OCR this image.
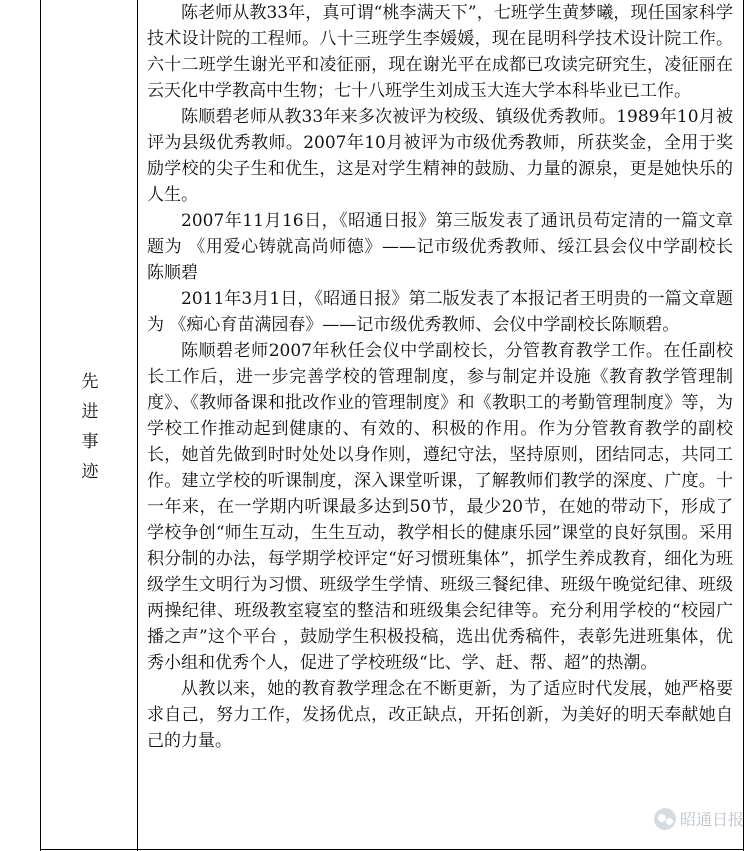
先
进
事
迹

陈老师从教33年，真可谓“桃李满天下”，七班学生黄梦曦，现任国家科学技术设计院的工程师。八十三班学生李媛媛，现在昆明科学技术设计院工作。六十二班学生谢光平和凌征丽，现在谢光平在成都已攻读完研究生，凌征丽在云天化中学教高中生物；七十八班学生刘成玉大连大学本科毕业已工作。

陈顺碧老师从教33年来多次被评为校级、镇级优秀教师。1989年10月被评为县级优秀教师。2007年10月被评为市级优秀教师，所获奖金，全用于奖励学校的尖子生和优生，这是对学生精神的鼓励、力量的源泉，更是她快乐的人生。

2007年11月16日，《昭通日报》第三版发表了通讯员苟定清的一篇文章题为 《用爱心铸就高尚师德》——记市级优秀教师、绥江县会仪中学副校长 陈顺碧

2011年3月1日，《昭通日报》第二版发表了本报记者王明贵的一篇文章题为 《痴心育苗满园春》——记市级优秀教师、会仪中学副校长陈顺碧。

陈顺碧老师2007年秋任会仪中学副校长，分管教育教学工作。在任副校长工作后，进一步完善学校的管理制度，参与制定并设施《教育教学管理制度》、《教师备课和批改作业的管理制度》和《教职工的考勤管理制度》等，为学校工作推动起到健康的、有效的、积极的作用。作为分管教育教学的副校长，她首先做到时时处处以身作则，遵纪守法，坚持原则，团结同志，共同工作。建立学校的听课制度，深入课堂听课，了解教师们教学的深度、广度。十一年来，在一学期内听课最多达到50节，最少20节，在她的带动下，形成了学校争创“师生互动，生生互动，教学相长的健康乐园”课堂的良好氛围。采用积分制的办法，每学期学校评定“好习惯班集体”，抓学生养成教育，细化为班级学生文明行为习惯、班级学生学情、班级三餐纪律、班级午晚觉纪律、班级两操纪律、班级教室寝室的整洁和班级集会纪律等。充分利用学校的“校园广播之声”这个平台 ，鼓励学生积极投稿，选出优秀稿件，表彰先进班集体，优秀小组和优秀个人，促进了学校班级“比、学、赶、帮、超”的热潮。

从教以来，她的教育教学理念在不断更新，为了适应时代发展，她严格要求自己，努力工作，发扬优点，改正缺点，开拓创新，为美好的明天奉献她自己的力量。

昭通日报
